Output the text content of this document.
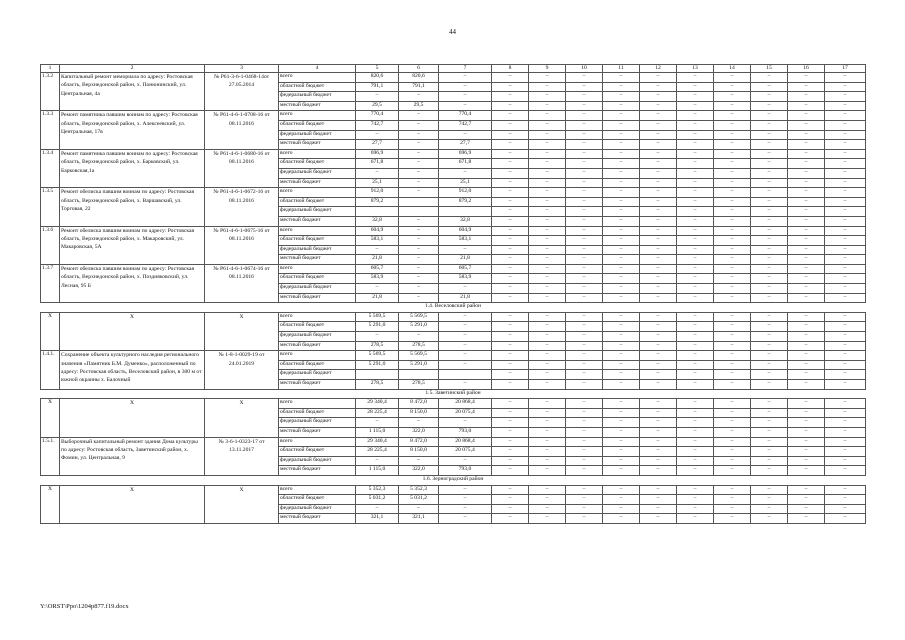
44
1	2	3	4	5	6	7	8	9	10	11	12	13	14	15	16	17
1.3.2	Капитальный ремонт мемориала по адресу: Ростовская область, Верхнедонской район, х. Понюнинский, ул. Центральная, 4а	№ P61-3-6-1-0468-14от 27.05.2014	всего	820,6	820,6	–	–	–	–	–	–	–	–	–	–	–
			областной бюджет	791,1	791,1	–	–	–	–	–	–	–	–	–	–	–
			федеральный бюджет	–	–	–	–	–	–	–	–	–	–	–	–	–
			местный бюджет	29,5	29,5	–	–	–	–	–	–	–	–	–	–	–
1.3.3	Ремонт памятника павшим воинам по адресу: Ростовская область, Верхнедонской район, х. Алексеевский, ул. Центральная, 17в	№ P61-4-6-1-0708-16 от 08.11.2016	всего	770,4	–	770,4	–	–	–	–	–	–	–	–	–	–
			областной бюджет	742,7	–	742,7	–	–	–	–	–	–	–	–	–	–
			федеральный бюджет	–	–	–	–	–	–	–	–	–	–	–	–	–
			местный бюджет	27,7	–	27,7	–	–	–	–	–	–	–	–	–	–
1.3.4	Ремонт памятника павшим воинам по адресу: Ростовская область, Верхнедонской район, х. Барковский, ул. Барковская,1а	№ P61-4-6-1-0680-16 от 08.11.2016	всего	696,9	–	696,9	–	–	–	–	–	–	–	–	–	–
			областной бюджет	671,8	–	671,8	–	–	–	–	–	–	–	–	–	–
			федеральный бюджет	–	–	–	–	–	–	–	–	–	–	–	–	–
			местный бюджет	25,1	–	25,1	–	–	–	–	–	–	–	–	–	–
1.3.5	Ремонт обелиска павшим воинам по адресу: Ростовская область, Верхнедонской район, х. Варшавский, ул. Торговая, 22	№ P61-4-6-1-0672-16 от 08.11.2016	всего	912,0	–	912,0	–	–	–	–	–	–	–	–	–	–
			областной бюджет	879,2		879,2	–	–	–	–	–	–	–	–	–	–
			федеральный бюджет				–	–	–	–	–	–	–	–	–	–
			местный бюджет	32,8	–	32,8	–	–	–	–	–	–	–	–	–	–
1.3.6	Ремонт обелиска павшим воинам по адресу: Ростовская область, Верхнедонской район, х. Макаровский, ул. Макаровская, 5А	№ P61-4-6-1-0675-16 от 08.11.2016	всего	604,9	–	604,9	–	–	–	–	–	–	–	–	–	–
			областной бюджет	583,1	–	583,1	–	–	–	–	–	–	–	–	–	–
			федеральный бюджет	–	–	–	–	–	–	–	–	–	–	–	–	–
			местный бюджет	21,8	–	21,8	–	–	–	–	–	–	–	–	–	–
1.3.7	Ремонт обелиска павшим воинам по адресу: Ростовская область, Верхнедонской район, х. Поздняковский, ул. Лесная, 95 Б	№ P61-4-6-1-0674-16 от 08.11.2016	всего	605,7	–	605,7	–	–	–	–	–	–	–	–	–	–
			областной бюджет	583,9	–	583,9	–	–	–	–	–	–	–	–	–	–
			федеральный бюджет	–	–	–	–	–	–	–	–	–	–	–	–	–
			местный бюджет	21,8	–	21,8	–	–	–	–	–	–	–	–	–	–
1.4. Веселовский район																
X	X	X	всего	5 569,5	5 569,5	–	–	–	–	–	–	–	–	–	–	–
			областной бюджет	5 291,0	5 291,0	–	–	–	–	–	–	–	–	–	–	–
			федеральный бюджет	–	–	–	–	–	–	–	–	–	–	–	–	–
			местный бюджет	278,5	278,5	–	–	–	–	–	–	–	–	–	–	–
1.4.1.	Сохранение объекта культурного наследия регионального значения «Памятник Б.М. Думенко», расположенный по адресу: Ростовская область, Веселовский район, в 300 м от южной окраины х. Балочный	№ 1-8-1-0029-19 от 24.01.2019	всего	5 569,5	5 569,5	–	–	–	–	–	–	–	–	–	–	–
			областной бюджет	5 291,0	5 291,0	–	–	–	–	–	–	–	–	–	–	–
			федеральный бюджет				–	–	–	–	–	–	–	–	–	–
			местный бюджет	278,5	278,5	–	–	–	–	–	–	–	–	–	–	–
1.5. Заветинский район																
X	X	X	всего	29 340,4	8 472,0	20 868,4	–	–	–	–	–	–	–	–	–	–
			областной бюджет	28 225,4	8 150,0	20 075,4	–	–	–	–	–	–	–	–	–	–
			федеральный бюджет	–	–	–	–	–	–	–	–	–	–	–	–	–
			местный бюджет	1 115,0	322,0	793,0	–	–	–	–	–	–	–	–	–	–
1.5.1.	Выборочный капитальный ремонт здания Дома культуры по адресу: Ростовская область, Заветинский район, х. Фомин, ул. Центральная, 9	№ 3-6-1-0323-17 от 13.11.2017	всего	29 340,4	8 472,0	20 868,4	–	–	–	–	–	–	–	–	–	–
			областной бюджет	28 225,4	8 150,0	20 075,4	–	–	–	–	–	–	–	–	–	–
			федеральный бюджет	–	–	–	–	–	–	–	–	–	–	–	–	–
			местный бюджет	1 115,0	322,0	793,0	–	–	–	–	–	–	–	–	–	–
1.6. Зерноградский район																
X	X	X	всего	5 352,3	5 352,3	–	–	–	–	–	–	–	–	–	–	–
			областной бюджет	5 031,2	5 031,2	–	–	–	–	–	–	–	–	–	–	–
			федеральный бюджет	–	–	–	–	–	–	–	–	–	–	–	–	–
			местный бюджет	321,1	321,1	–	–	–	–	–	–	–	–	–	–	–
Y:\ORST\Ppo\1204p877.f19.docx
